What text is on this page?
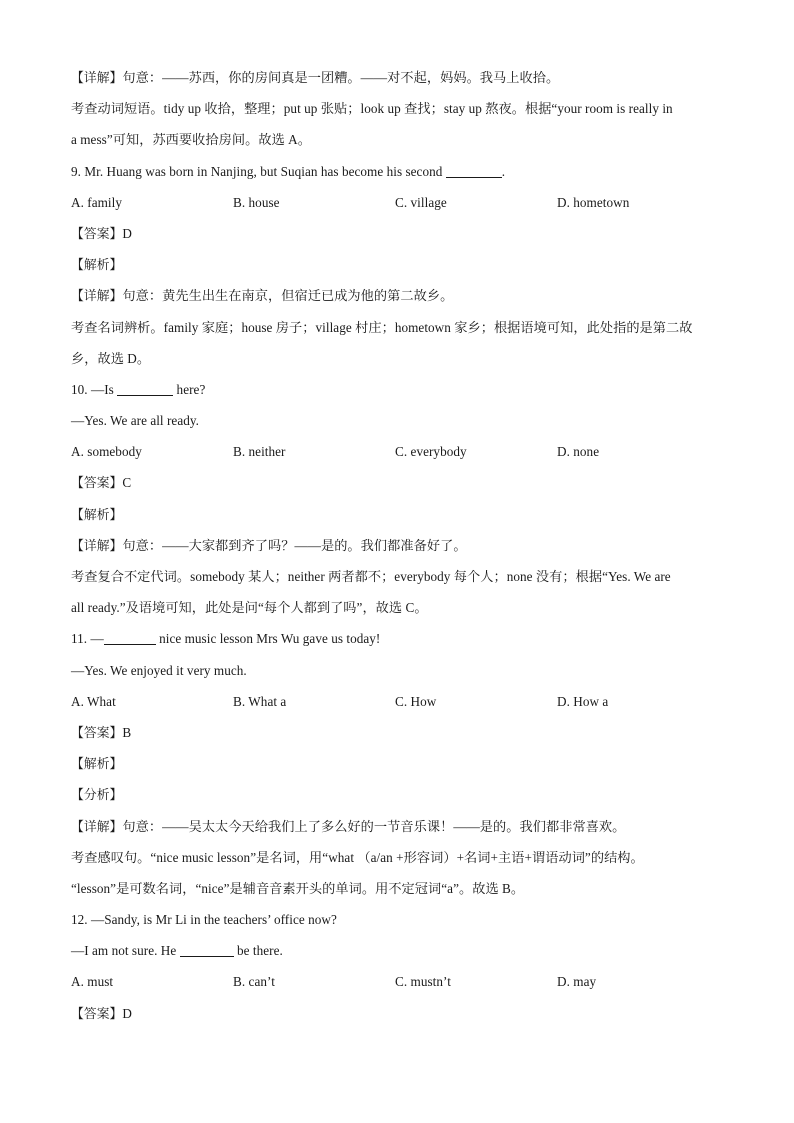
【详解】句意：——苏西，你的房间真是一团糟。——对不起，妈妈。我马上收拾。
考查动词短语。tidy up 收拾，整理；put up 张贴；look up 查找；stay up 熬夜。根据“your room is really in
a mess”可知，苏西要收拾房间。故选 A。
9. Mr. Huang was born in Nanjing, but Suqian has become his second	.
A. family	B. house	C. village	D. hometown
【答案】D
【解析】
【详解】句意：黄先生出生在南京，但宿迁已成为他的第二故乡。
考查名词辨析。family 家庭；house 房子；village 村庄；hometown 家乡；根据语境可知，此处指的是第二故
乡，故选 D。
10. —Is	here?
—Yes. We are all ready.
A. somebody	B. neither	C. everybody	D. none
【答案】C
【解析】
【详解】句意：——大家都到齐了吗？——是的。我们都准备好了。
考查复合不定代词。somebody 某人；neither 两者都不；everybody 每个人；none 没有；根据“Yes. We are
all ready.”及语境可知，此处是问“每个人都到了吗”，故选 C。
11. —	nice music lesson Mrs Wu gave us today!
—Yes. We enjoyed it very much.
A. What	B. What a	C. How	D. How a
【答案】B
【解析】
【分析】
【详解】句意：——吴太太今天给我们上了多么好的一节音乐课！——是的。我们都非常喜欢。
考查感叹句。“nice music lesson”是名词，用“what （a/an +形容词）+名词+主语+谓语动词”的结构。
“lesson”是可数名词，“nice”是辅音音素开头的单词。用不定冠词“a”。故选 B。
12. —Sandy, is Mr Li in the teachers’ office now?
—I am not sure. He	be there.
A. must	B. can’t	C. mustn’t	D. may
【答案】D
